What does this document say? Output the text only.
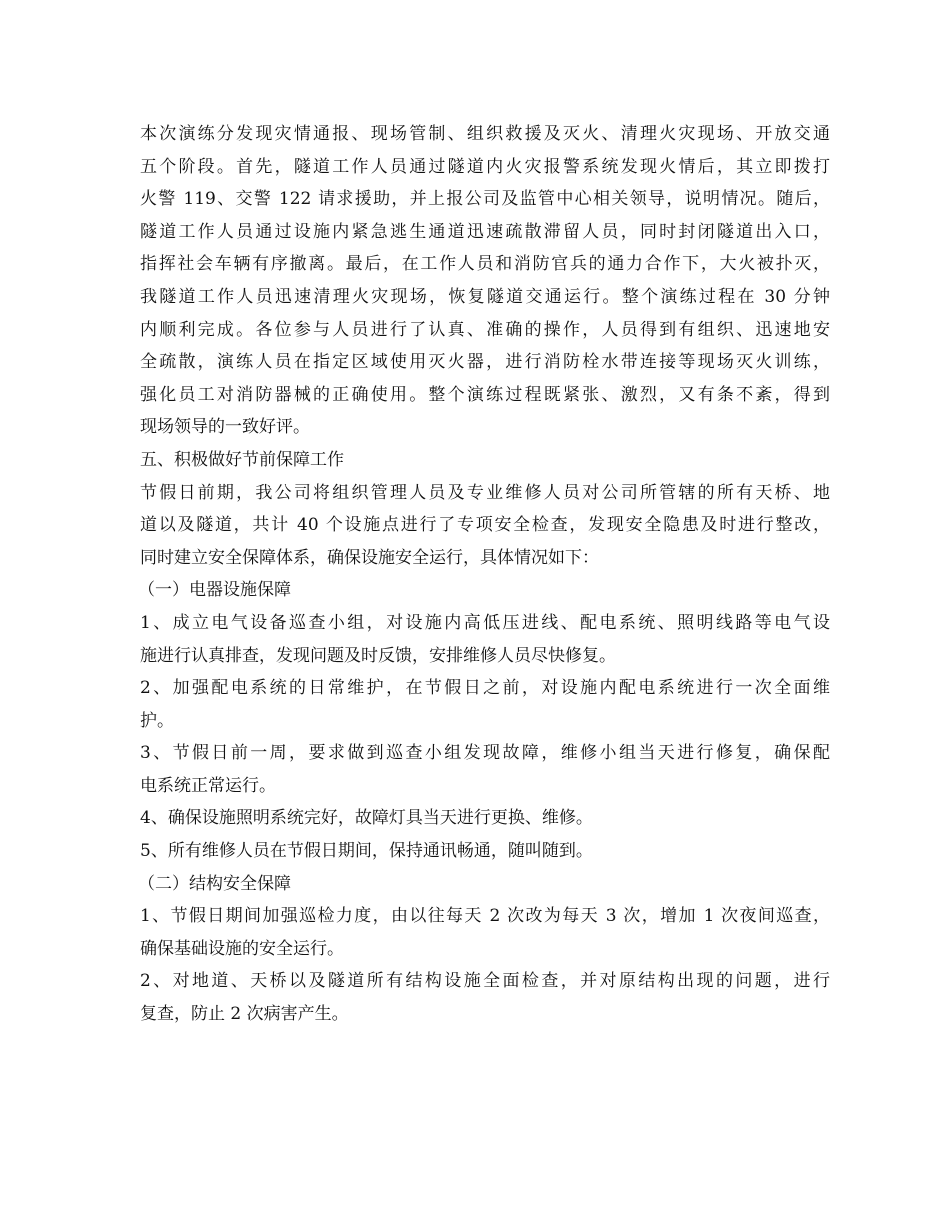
本次演练分发现灾情通报、现场管制、组织救援及灭火、清理火灾现场、开放交通
五个阶段。首先，隧道工作人员通过隧道内火灾报警系统发现火情后，其立即拨打
火警 119、交警 122 请求援助，并上报公司及监管中心相关领导，说明情况。随后，
隧道工作人员通过设施内紧急逃生通道迅速疏散滞留人员，同时封闭隧道出入口，
指挥社会车辆有序撤离。最后，在工作人员和消防官兵的通力合作下，大火被扑灭，
我隧道工作人员迅速清理火灾现场，恢复隧道交通运行。整个演练过程在 30 分钟
内顺利完成。各位参与人员进行了认真、准确的操作，人员得到有组织、迅速地安
全疏散，演练人员在指定区域使用灭火器，进行消防栓水带连接等现场灭火训练，
强化员工对消防器械的正确使用。整个演练过程既紧张、激烈，又有条不紊，得到
现场领导的一致好评。
五、积极做好节前保障工作
节假日前期，我公司将组织管理人员及专业维修人员对公司所管辖的所有天桥、地
道以及隧道，共计 40 个设施点进行了专项安全检查，发现安全隐患及时进行整改，
同时建立安全保障体系，确保设施安全运行，具体情况如下：
（一）电器设施保障
1、成立电气设备巡查小组，对设施内高低压进线、配电系统、照明线路等电气设
施进行认真排查，发现问题及时反馈，安排维修人员尽快修复。
2、加强配电系统的日常维护，在节假日之前，对设施内配电系统进行一次全面维
护。
3、节假日前一周，要求做到巡查小组发现故障，维修小组当天进行修复，确保配
电系统正常运行。
4、确保设施照明系统完好，故障灯具当天进行更换、维修。
5、所有维修人员在节假日期间，保持通讯畅通，随叫随到。
（二）结构安全保障
1、节假日期间加强巡检力度，由以往每天 2 次改为每天 3 次，增加 1 次夜间巡查，
确保基础设施的安全运行。
2、对地道、天桥以及隧道所有结构设施全面检查，并对原结构出现的问题，进行
复查，防止 2 次病害产生。
